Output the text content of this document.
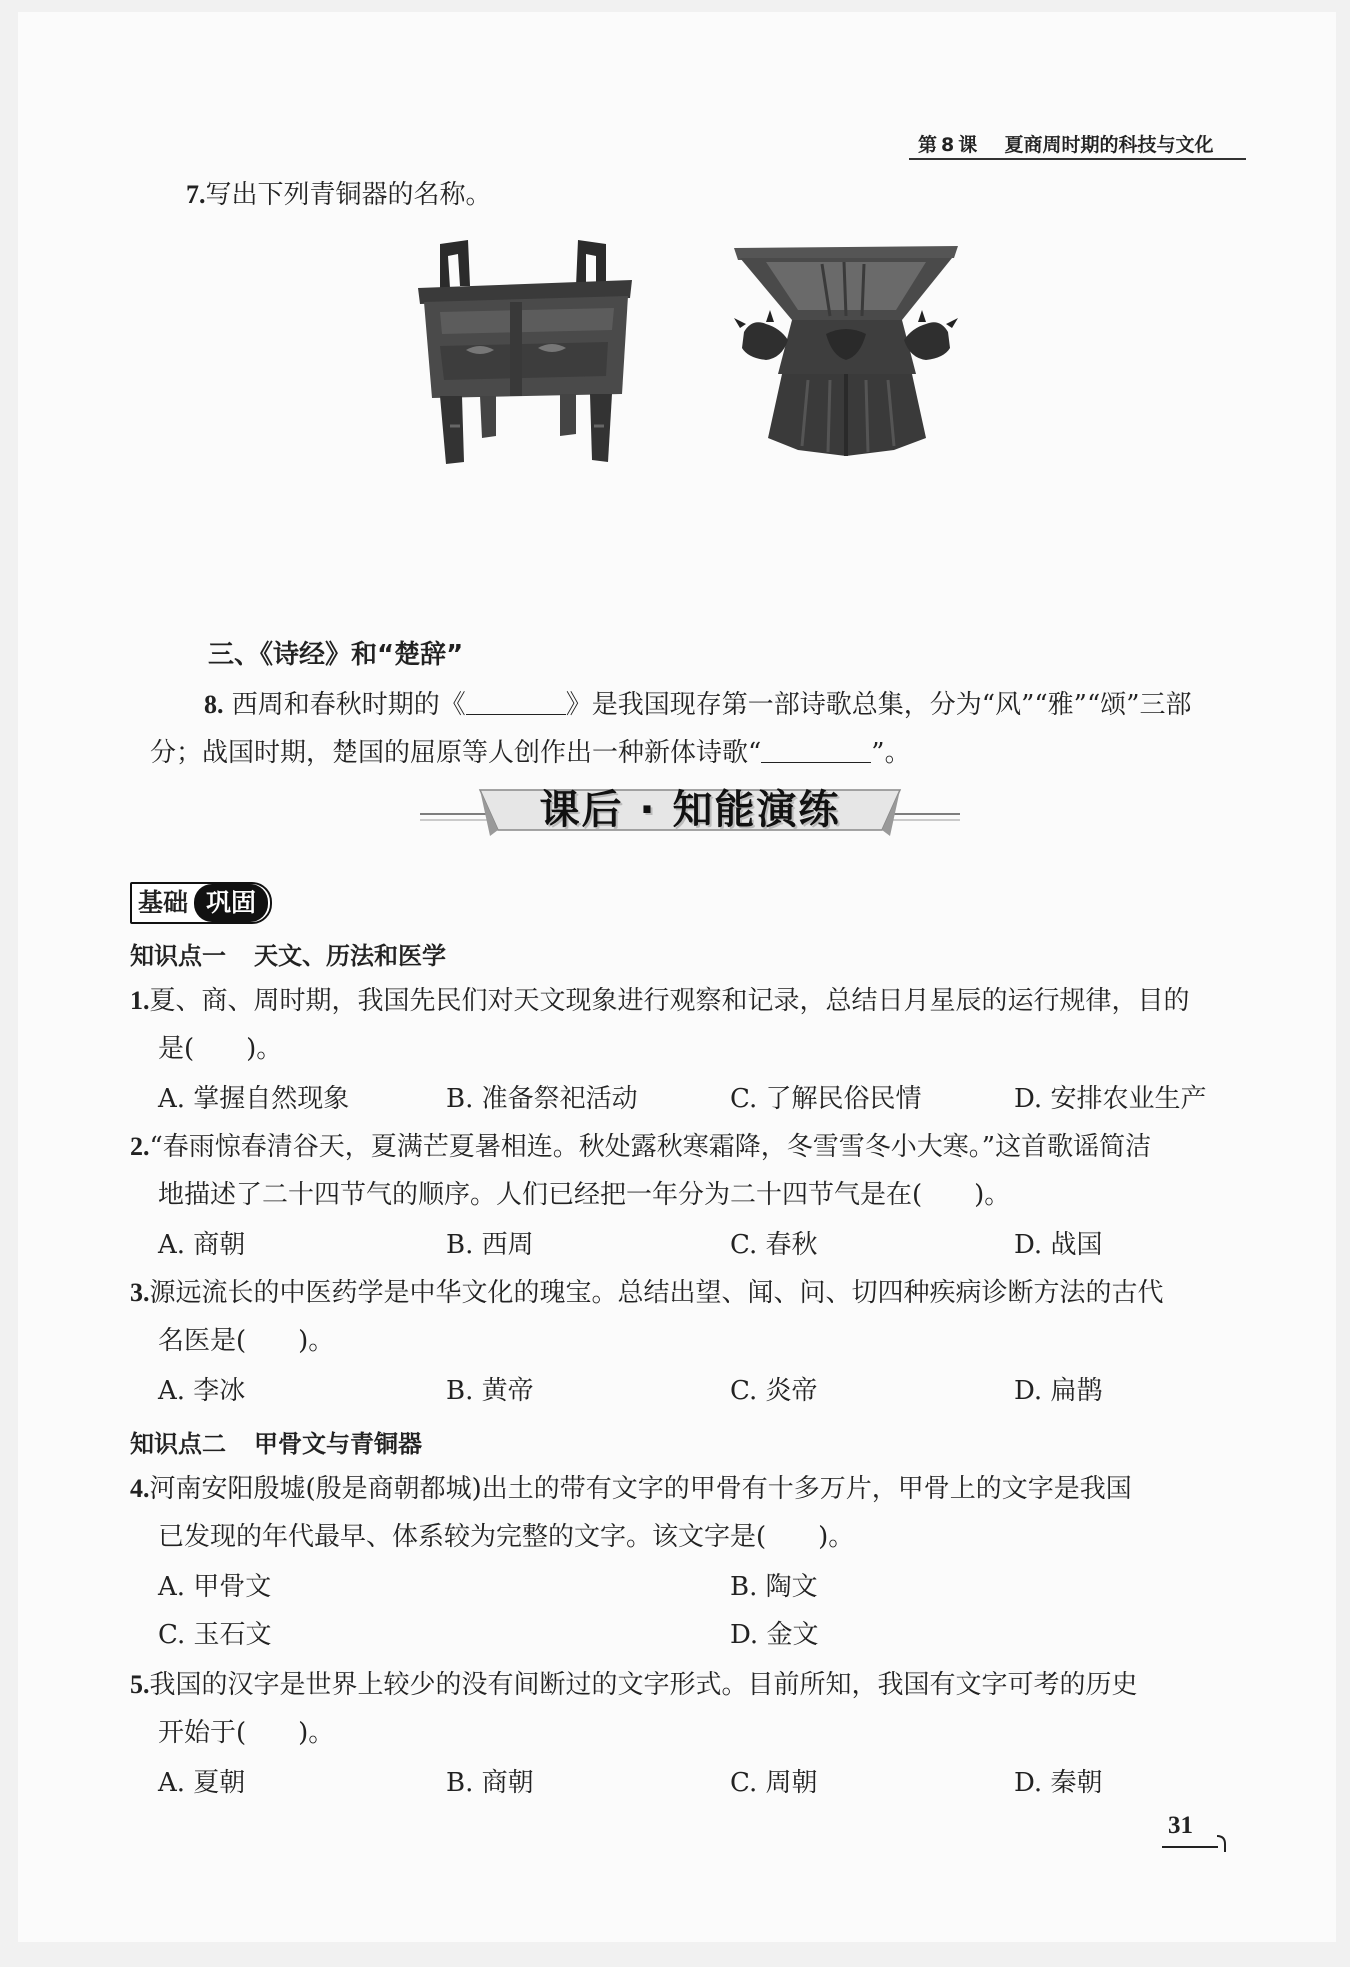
第 8 课 夏商周时期的科技与文化
7.写出下列青铜器的名称。
三、《诗经》和“楚辞”
8. 西周和春秋时期的《	》是我国现存第一部诗歌总集，分为“风”“雅”“颂”三部
分；战国时期，楚国的屈原等人创作出一种新体诗歌“	”。
课后 · 知能演练
基础 巩固
知识点一 天文、历法和医学
1.夏、商、周时期，我国先民们对天文现象进行观察和记录，总结日月星辰的运行规律，目的
是(　　)。
A. 掌握自然现象	B. 准备祭祀活动	C. 了解民俗民情	D. 安排农业生产
2.“春雨惊春清谷天，夏满芒夏暑相连。秋处露秋寒霜降，冬雪雪冬小大寒。”这首歌谣简洁
地描述了二十四节气的顺序。人们已经把一年分为二十四节气是在(　　)。
A. 商朝	B. 西周	C. 春秋	D. 战国
3.源远流长的中医药学是中华文化的瑰宝。总结出望、闻、问、切四种疾病诊断方法的古代
名医是(　　)。
A. 李冰	B. 黄帝	C. 炎帝	D. 扁鹊
知识点二 甲骨文与青铜器
4.河南安阳殷墟(殷是商朝都城)出土的带有文字的甲骨有十多万片，甲骨上的文字是我国
已发现的年代最早、体系较为完整的文字。该文字是(　　)。
A. 甲骨文	B. 陶文
C. 玉石文	D. 金文
5.我国的汉字是世界上较少的没有间断过的文字形式。目前所知，我国有文字可考的历史
开始于(　　)。
A. 夏朝	B. 商朝	C. 周朝	D. 秦朝
31
